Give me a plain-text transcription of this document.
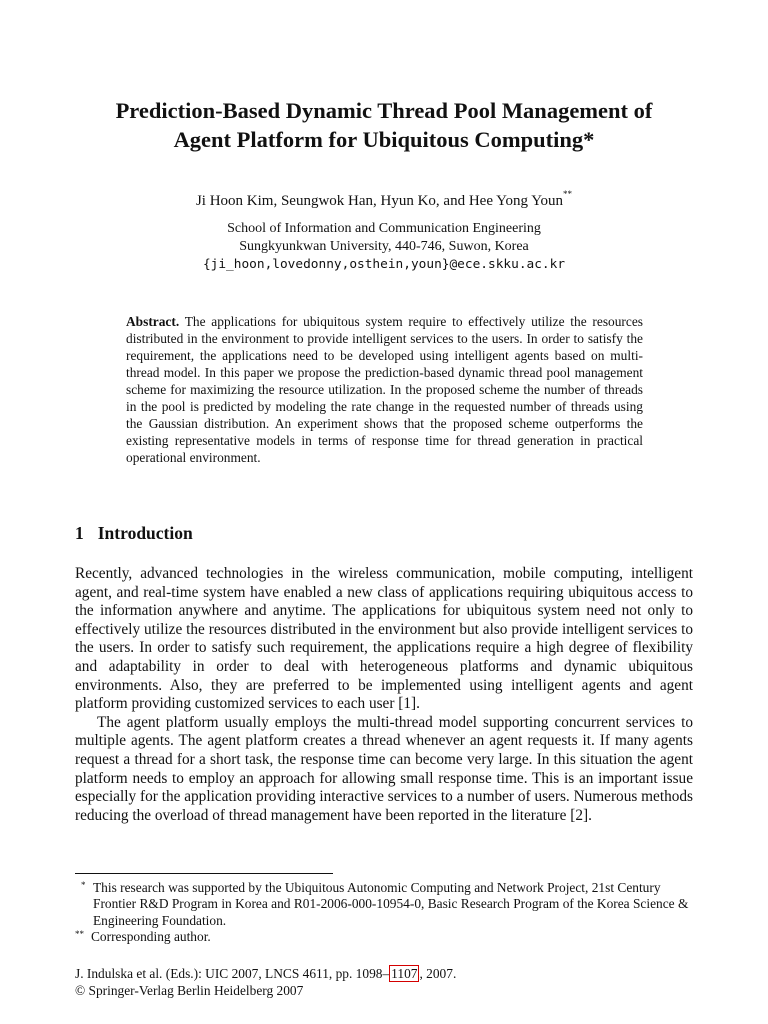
Prediction-Based Dynamic Thread Pool Management of
Agent Platform for Ubiquitous Computing*
Ji Hoon Kim, Seungwok Han, Hyun Ko, and Hee Yong Youn**
School of Information and Communication Engineering
Sungkyunkwan University, 440-746, Suwon, Korea
{ji_hoon,lovedonny,osthein,youn}@ece.skku.ac.kr

Abstract. The applications for ubiquitous system require to effectively utilize the resources distributed in the environment to provide intelligent services to the users. In order to satisfy the requirement, the applications need to be developed using intelligent agents based on multi-thread model. In this paper we propose the prediction-based dynamic thread pool management scheme for maximizing the resource utilization. In the proposed scheme the number of threads in the pool is predicted by modeling the rate change in the requested number of threads using the Gaussian distribution. An experiment shows that the proposed scheme outperforms the existing representative models in terms of response time for thread generation in practical operational environment.

1 Introduction

Recently, advanced technologies in the wireless communication, mobile computing, intelligent agent, and real-time system have enabled a new class of applications requiring ubiquitous access to the information anywhere and anytime. The applications for ubiquitous system need not only to effectively utilize the resources distributed in the environment but also provide intelligent services to the users. In order to satisfy such requirement, the applications require a high degree of flexibility and adaptability in order to deal with heterogeneous platforms and dynamic ubiquitous environments. Also, they are preferred to be implemented using intelligent agents and agent platform providing customized services to each user [1].

The agent platform usually employs the multi-thread model supporting concurrent services to multiple agents. The agent platform creates a thread whenever an agent requests it. If many agents request a thread for a short task, the response time can become very large. In this situation the agent platform needs to employ an approach for allowing small response time. This is an important issue especially for the application providing interactive services to a number of users. Numerous methods reducing the overload of thread management have been reported in the literature [2].

* This research was supported by the Ubiquitous Autonomic Computing and Network Project, 21st Century Frontier R&D Program in Korea and R01-2006-000-10954-0, Basic Research Program of the Korea Science & Engineering Foundation.

** Corresponding author.

J. Indulska et al. (Eds.): UIC 2007, LNCS 4611, pp. 1098– 1107 , 2007.
© Springer-Verlag Berlin Heidelberg 2007
